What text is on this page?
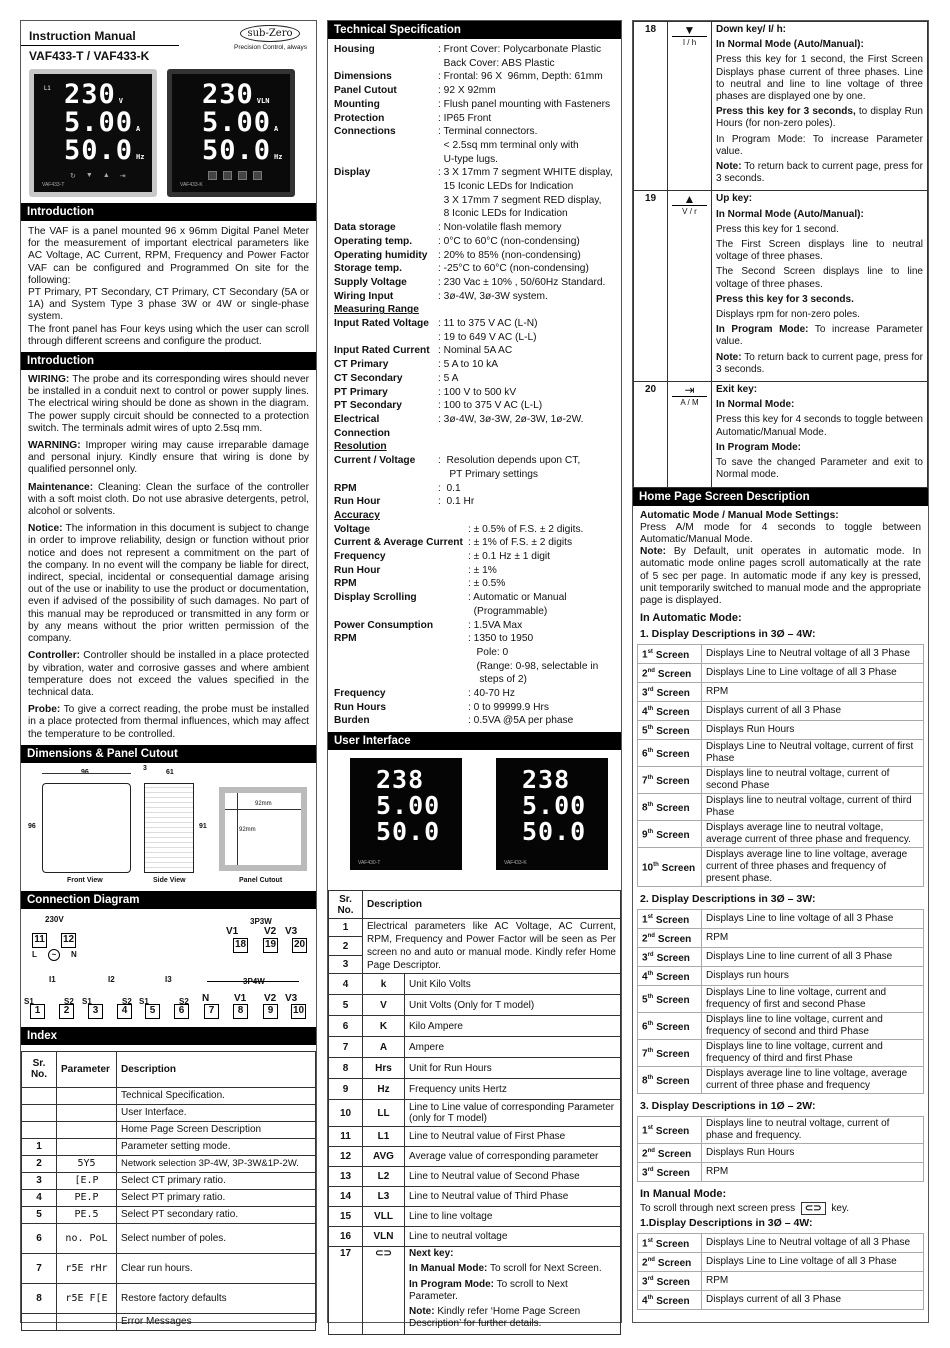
Instruction Manual
VAF433-T / VAF433-K
sub-Zero
Precision Control, always
L1 230 V
5.00 A
50.0 Hz
↻ ▼ ▲ ⇥
VAF433-T
230 VLN
5.00 A
50.0 Hz
VAF433-K
Introduction
The VAF is a panel mounted 96 x 96mm Digital Panel Meter for the measurement of important electrical parameters like AC Voltage, AC Current, RPM, Frequency and Power Factor VAF can be configured and Programmed On site for the following:
PT Primary, PT Secondary, CT Primary, CT Secondary (5A or 1A) and System Type 3 phase 3W or 4W or single-phase system.
The front panel has Four keys using which the user can scroll through different screens and configure the product.
Introduction
WIRING: The probe and its corresponding wires should never be installed in a conduit next to control or power supply lines. The electrical wiring should be done as shown in the diagram. The power supply circuit should be connected to a protection switch. The terminals admit wires of upto 2.5sq mm.
WARNING: Improper wiring may cause irreparable damage and personal injury. Kindly ensure that wiring is done by qualified personnel only.
Maintenance: Cleaning: Clean the surface of the controller with a soft moist cloth. Do not use abrasive detergents, petrol, alcohol or solvents.
Notice: The information in this document is subject to change in order to improve reliability, design or function without prior notice and does not represent a commitment on the part of the company. In no event will the company be liable for direct, indirect, special, incidental or consequential damage arising out of the use or inability to use the product or documentation, even if advised of the possibility of such damages. No part of this manual may be reproduced or transmitted in any form or by any means without the prior written permission of the company.
Controller: Controller should be installed in a place protected by vibration, water and corrosive gasses and where ambient temperature does not exceed the values specified in the technical data.
Probe: To give a correct reading, the probe must be installed in a place protected from thermal influences, which may affect the temperature to be controlled.
Dimensions & Panel Cutout
96
96
3
61
91
92mm
92mm
Front View	Side View	Panel Cutout
Connection Diagram
230V
11 12
L	N
~
3P3W
V1	V2 V3
18 19 20
I1
S1	S2
1	2
I2
S1	S2
3	4
I3
S1	S2
5	6
3P4W
N V1 V2 V3
7	8	9	10
Index
Sr. No.	Parameter	Description
		Technical Specification.
		User Interface.
		Home Page Screen Description
1		Parameter setting mode.
2	5Y5	Network selection 3P-4W, 3P-3W&1P-2W.
3	[E.P	Select CT primary ratio.
4	PE.P	Select PT primary ratio.
5	PE.5	Select PT secondary ratio.
6	no. PoL	Select number of poles.
7	r5E rHr	Clear run hours.
8	r5E F[E	Restore factory defaults
		Error Messages
Technical Specification
Housing	: Front Cover: Polycarbonate Plastic
Back Cover: ABS Plastic
Dimensions	: Frontal: 96 X  96mm, Depth: 61mm
Panel Cutout	: 92 X 92mm
Mounting	: Flush panel mounting with Fasteners
Protection	: IP65 Front
Connections	: Terminal connectors.
< 2.5sq mm terminal only with
U-type lugs.
Display	: 3 X 17mm 7 segment WHITE display,
15 Iconic LEDs for Indication
3 X 17mm 7 segment RED display,
8 Iconic LEDs for Indication
Data storage	: Non-volatile flash memory
Operating temp.	: 0°C to 60°C (non-condensing)
Operating humidity	: 20% to 85% (non-condensing)
Storage temp.	: -25°C to 60°C (non-condensing)
Supply Voltage	: 230 Vac ± 10% , 50/60Hz Standard.
Wiring Input	: 3ø-4W, 3ø-3W system.
Measuring Range
Input Rated Voltage : 11 to 375 V AC (L-N)
: 19 to 649 V AC (L-L)
Input Rated Current : Nominal 5A AC
CT Primary	: 5 A to 10 kA
CT Secondary	: 5 A
PT Primary	: 100 V to 500 kV
PT Secondary	: 100 to 375 V AC (L-L)
Electrical Connection
: 3ø-4W, 3ø-3W, 2ø-3W, 1ø-2W.
Resolution
Current / Voltage	:  Resolution depends upon CT,
PT Primary settings
RPM	:  0.1
Run Hour	:  0.1 Hr
Accuracy
Voltage	: ± 0.5% of F.S. ± 2 digits.
Current & Average Current : ± 1% of F.S. ± 2 digits
Frequency	: ± 0.1 Hz ± 1 digit
Run Hour	: ± 1%
RPM	: ± 0.5%
Display Scrolling	: Automatic or Manual
(Programmable)
Power Consumption	: 1.5VA Max
RPM	: 1350 to 1950
Pole: 0
(Range: 0-98, selectable in
steps of 2)
Frequency	: 40-70 Hz
Run Hours	: 0 to 99999.9 Hrs
Burden	: 0.5VA @5A per phase
User Interface
238
5.00
50.0
VAF430-T
238
5.00
50.0
VAF433-K
Sr. No.	Description	
1	Electrical parameters like AC Voltage, AC Current, RPM, Frequency and Power Factor will be seen as Per screen no and auto or manual mode. Kindly refer Home Page Descriptor.	
2		
3		
4	k	Unit Kilo Volts
5	V	Unit Volts (Only for T model)
6	K	Kilo Ampere
7	A	Ampere
8	Hrs	Unit for Run Hours
9	Hz	Frequency units Hertz
10	LL	Line to Line value of corresponding Parameter (only for T model)
11	L1	Line to Neutral value of First Phase
12	AVG	Average value of corresponding parameter
13	L2	Line to Neutral value of Second Phase
14	L3	Line to Neutral value of Third Phase
15	VLL	Line to line voltage
16	VLN	Line to neutral voltage
17	⊂⊃	Next key:
In Manual Mode: To scroll for Next Screen.
In Program Mode: To scroll to Next Parameter.
Note: Kindly refer ‘Home Page Screen Description’ for further details.
18	▼
I / h

Down key/ I/ h:

In Normal Mode (Auto/Manual):

Press this key for 1 second, the First Screen Displays phase current of three phases. Line to neutral and line to line voltage of three phases are displayed one by one.

Press this key for 3 seconds, to display Run Hours (for non-zero poles).

In Program Mode: To increase Parameter value.

Note: To return back to current page, press for 3 seconds.

19	▲
V / r

Up key:

In Normal Mode (Auto/Manual):

Press this key for 1 second.

The First Screen displays line to neutral voltage of three phases.

The Second Screen displays line to line voltage of three phases.

Press this key for 3 seconds.

Displays rpm for non-zero poles.

In Program Mode: To increase Parameter value.

Note: To return back to current page, press for 3 seconds.

20	⇥
A / M

Exit key:

In Normal Mode:

Press this key for 4 seconds to toggle between Automatic/Manual Mode.

In Program Mode:

To save the changed Parameter and exit to Normal mode.

Home Page Screen Description
Automatic Mode / Manual Mode Settings:
Press A/M mode for 4 seconds to toggle between Automatic/Manual Mode.
Note: By Default, unit operates in automatic mode. In automatic mode online pages scroll automatically at the rate of 5 sec per page. In automatic mode if any key is pressed, unit temporarily switched to manual mode and the appropriate page is displayed.
In Automatic Mode:
1. Display Descriptions in 3Ø – 4W:
1st Screen	Displays Line to Neutral voltage of all 3 Phase
2nd Screen	Displays Line to Line voltage of all 3 Phase
3rd Screen	RPM
4th Screen	Displays current of all 3 Phase
5th Screen	Displays Run Hours
6th Screen	Displays Line to Neutral voltage, current of first Phase
7th Screen	Displays line to neutral voltage, current of second Phase
8th Screen	Displays line to neutral voltage, current of third Phase
9th Screen	Displays average line to neutral voltage, average current of three phase and frequency.
10th Screen	Displays average line to line voltage, average current of three phases and frequency of present phase.
2. Display Descriptions in 3Ø – 3W:
1st Screen	Displays Line to line voltage of all 3 Phase
2nd Screen	RPM
3rd Screen	Displays Line to line current of all 3 Phase
4th Screen	Displays run hours
5th Screen	Displays Line to line voltage, current and frequency of first and second Phase
6th Screen	Displays line to line voltage, current and frequency of second and third Phase
7th Screen	Displays line to line voltage, current and frequency of third and first Phase
8th Screen	Displays average line to line voltage, average current of three phase and frequency
3. Display Descriptions in 1Ø – 2W:
1st Screen	Displays line to neutral voltage, current of phase and frequency.
2nd Screen	Displays Run Hours
3rd Screen	RPM
In Manual Mode:
To scroll through next screen press ⊂⊃ key.
1.Display Descriptions in 3Ø – 4W:
1st Screen	Displays Line to Neutral voltage of all 3 Phase
2nd Screen	Displays Line to Line voltage of all 3 Phase
3rd Screen	RPM
4th Screen	Displays current of all 3 Phase
